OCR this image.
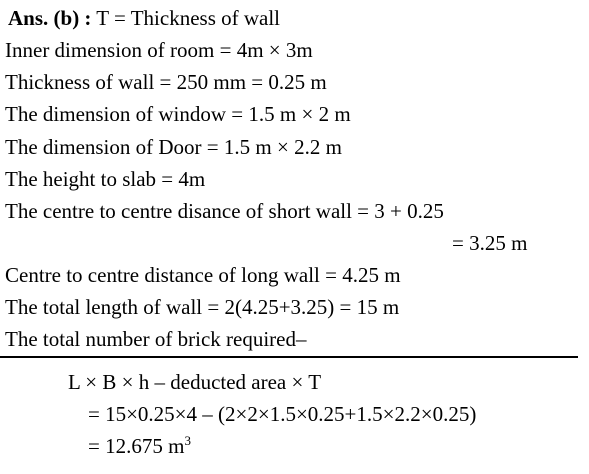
Ans. (b) : T = Thickness of wall
Inner dimension of room = 4m × 3m
Thickness of wall = 250 mm = 0.25 m
The dimension of window = 1.5 m × 2 m
The dimension of Door = 1.5 m × 2.2 m
The height to slab = 4m
The centre to centre disance of short wall = 3 + 0.25
= 3.25 m
Centre to centre distance of long wall = 4.25 m
The total length of wall = 2(4.25+3.25) = 15 m
The total number of brick required–
L × B × h – deducted area × T
= 15×0.25×4 – (2×2×1.5×0.25+1.5×2.2×0.25)
= 12.675 $m^3$
